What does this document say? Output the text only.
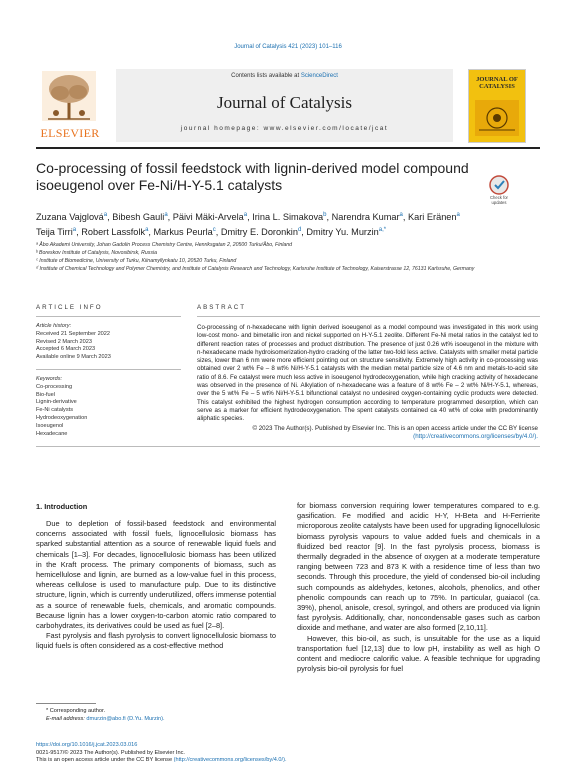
Journal of Catalysis 421 (2023) 101–116
ELSEVIER
Contents lists available at ScienceDirect
Journal of Catalysis
journal homepage: www.elsevier.com/locate/jcat
JOURNAL OF CATALYSIS
Co-processing of fossil feedstock with lignin-derived model compound isoeugenol over Fe-Ni/H-Y-5.1 catalysts
Check for updates
Zuzana Vajglová$^a$, Bibesh Gauli$^a$, Päivi Mäki-Arvela$^a$, Irina L. Simakova$^b$, Narendra Kumar$^a$, Kari Eränen$^a$
Teija Tirri$^a$, Robert Lassfolk$^a$, Markus Peurla$^c$, Dmitry E. Doronkin$^d$, Dmitry Yu. Murzin$^{a,*}$
ᵃ Åbo Akademi University, Johan Gadolin Process Chemistry Centre, Henriksgatan 2, 20500 Turku/Åbo, Finland
ᵇ Boreskov Institute of Catalysis, Novosibirsk, Russia
ᶜ Institute of Biomedicine, University of Turku, Kiinamyllynkatu 10, 20520 Turku, Finland
ᵈ Institute of Chemical Technology and Polymer Chemistry, and Institute of Catalysis Research and Technology, Karlsruhe Institute of Technology, Kaiserstrasse 12, 76131 Karlsruhe, Germany
ARTICLE INFO	ABSTRACT
Article history:
Received 21 September 2022
Revised 2 March 2023
Accepted 6 March 2023
Available online 9 March 2023
Keywords:
Co-processing
Bio-fuel
Lignin-derivative
Fe-Ni catalysts
Hydrodeoxygenation
Isoeugenol
Hexadecane
Co-processing of n-hexadecane with lignin derived isoeugenol as a model compound was investigated in this work using low-cost mono- and bimetallic iron and nickel supported on H-Y-5.1 zeolite. Different Fe-Ni metal ratios in the catalyst led to different reaction rates of processes and product distribution. The presence of just 0.26 wt% isoeugenol in the mixture with n-hexadecane made hydroisomerization-hydro cracking of the latter two-fold less active. Catalysts with smaller metal particle sizes, lower than 6 nm were more efficient pointing out on structure sensitivity. Extremely high activity in co-processing was obtained over 2 wt% Fe – 8 wt% Ni/H-Y-5.1 catalysts with the median metal particle size of 4.6 nm and metals-to-acid site ratio of 8.6. Fe catalyst were much less active in isoeugenol hydrodeoxygenation, while high cracking activity of hexadecane was observed in the presence of Ni. Alkylation of n-hexadecane was a feature of 8 wt% Fe – 2 wt% Ni/H-Y-5.1, whereas, over the 5 wt% Fe – 5 wt% Ni/H-Y-5.1 bifunctional catalyst no undesired oxygen-containing cyclic products were detected. This catalyst exhibited the highest hydrogen consumption according to temperature programmed desorption, which can serve as a marker for efficient hydrodeoxygenation. The spent catalysts contained ca 40 wt% of coke with predominantly aliphatic species.
© 2023 The Author(s). Published by Elsevier Inc. This is an open access article under the CC BY license (http://creativecommons.org/licenses/by/4.0/).
1. Introduction

Due to depletion of fossil-based feedstock and environmental concerns associated with fossil fuels, lignocellulosic biomass has sparked substantial attention as a source of renewable liquid fuels and chemicals [1–3]. For decades, lignocellulosic biomass has been utilized in the Kraft process. The primary components of biomass, such as hemicellulose and lignin, are burned as a low-value fuel in this process, whereas cellulose is used to manufacture pulp. Due to its distinctive structure, lignin, which is currently underutilized, offers immense potential as a source of renewable fuels, chemicals, and aromatic compounds. Because lignin has a lower oxygen-to-carbon atomic ratio compared to carbohydrates, its derivatives could be used as fuel [2–8].

Fast pyrolysis and flash pyrolysis to convert lignocellulosic biomass to liquid fuels is often considered as a cost-effective method

for biomass conversion requiring lower temperatures compared to e.g. gasification. Fe modified and acidic H-Y, H-Beta and H-Ferrierite microporous zeolite catalysts have been used for upgrading lignocellulosic biomass pyrolysis vapours to value added fuels and chemicals in a fluidized bed reactor [9]. In the fast pyrolysis process, biomass is thermally degraded in the absence of oxygen at a moderate temperature ranging between 723 and 873 K with a residence time of less than two seconds. Through this procedure, the yield of condensed bio-oil including such compounds as aldehydes, ketones, alcohols, phenolics, and other phenolic compounds can reach up to 75%. In particular, guaiacol (ca. 39%), phenol, anisole, cresol, syringol, and others are produced via lignin fast pyrolysis. Additionally, char, noncondensable gases such as carbon dioxide and methane, and water are also formed [2,10,11].

However, this bio-oil, as such, is unsuitable for the use as a liquid transportation fuel [12,13] due to low pH, instability as well as high O content and mediocre calorific value. A feasible technique for upgrading pyrolysis bio-oil pyrolysis for fuel

* Corresponding author.
E-mail address: dmurzin@abo.fi (D.Yu. Murzin).
https://doi.org/10.1016/j.jcat.2023.03.016
0021-9517/© 2023 The Author(s). Published by Elsevier Inc.
This is an open access article under the CC BY license (http://creativecommons.org/licenses/by/4.0/).
